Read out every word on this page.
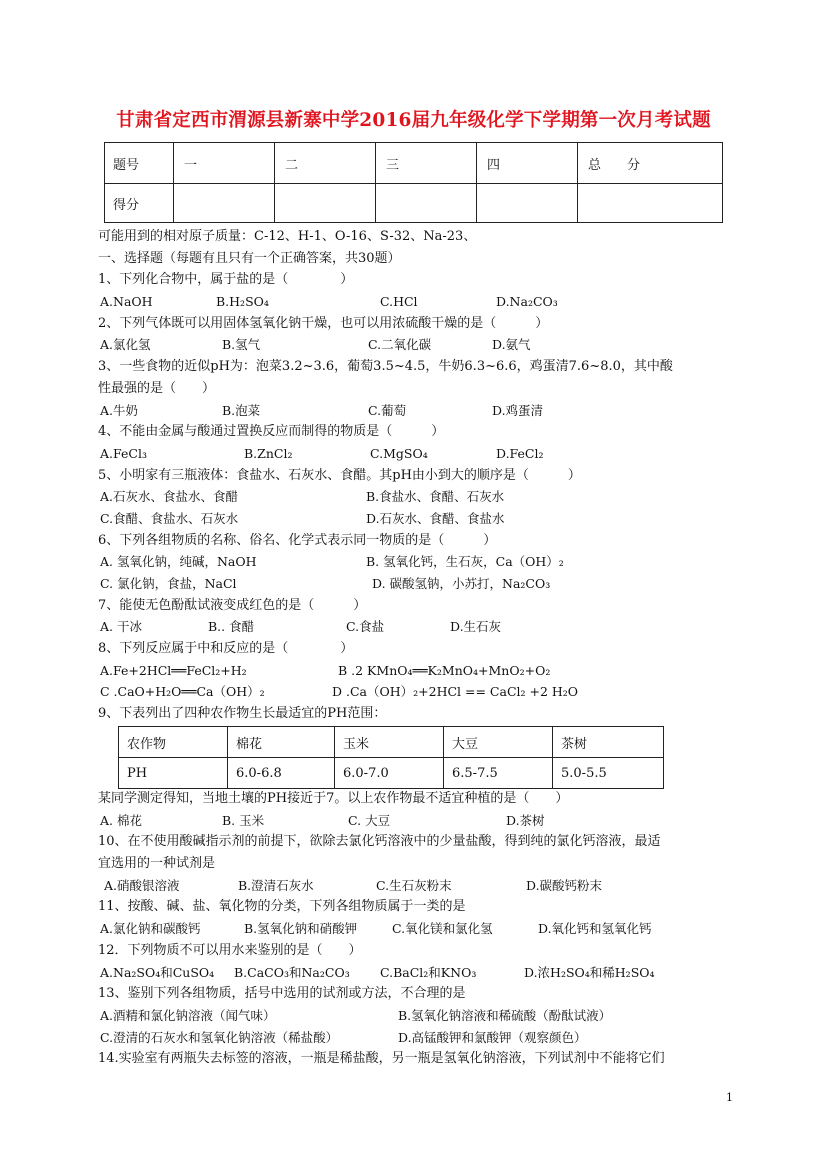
甘肃省定西市渭源县新寨中学2016届九年级化学下学期第一次月考试题
题号	一	二	三	四	总　　分
得分					
可能用到的相对原子质量：C-12、H-1、O-16、S-32、Na-23、
一、选择题（每题有且只有一个正确答案，共30题）
1、下列化合物中，属于盐的是（　　　　）
A.NaOH	B.H₂SO₄	C.HCl	D.Na₂CO₃
2、下列气体既可以用固体氢氧化钠干燥，也可以用浓硫酸干燥的是（　　　）
A.氯化氢	B.氢气	C.二氧化碳	D.氨气
3、一些食物的近似pH为：泡菜3.2~3.6，葡萄3.5~4.5，牛奶6.3~6.6，鸡蛋清7.6~8.0，其中酸
性最强的是（　　）
A.牛奶	B.泡菜	C.葡萄	D.鸡蛋清
4、不能由金属与酸通过置换反应而制得的物质是（　　　）
A.FeCl₃	B.ZnCl₂	C.MgSO₄	D.FeCl₂
5、小明家有三瓶液体：食盐水、石灰水、食醋。其pH由小到大的顺序是（　　　）
A.石灰水、食盐水、食醋	B.食盐水、食醋、石灰水
C.食醋、食盐水、石灰水	D.石灰水、食醋、食盐水
6、下列各组物质的名称、俗名、化学式表示同一物质的是（　　　）
A. 氢氧化钠，纯碱，NaOH	B. 氢氧化钙，生石灰，Ca（OH）₂
C. 氯化钠，食盐，NaCl	D. 碳酸氢钠，小苏打，Na₂CO₃
7、能使无色酚酞试液变成红色的是（　　　）
A. 干冰	B.. 食醋	C.食盐	D.生石灰
8、下列反应属于中和反应的是（　　　　）
A.Fe+2HCl══FeCl₂+H₂	B .2 KMnO₄══K₂MnO₄+MnO₂+O₂
C .CaO+H₂O══Ca（OH）₂	D .Ca（OH）₂+2HCl == CaCl₂ +2 H₂O
9、下表列出了四种农作物生长最适宜的PH范围：
农作物	棉花	玉米	大豆	茶树
PH	6.0-6.8	6.0-7.0	6.5-7.5	5.0-5.5
某同学测定得知，当地土壤的PH接近于7。以上农作物最不适宜种植的是（　　）
A. 棉花	B. 玉米	C. 大豆	D.茶树
10、在不使用酸碱指示剂的前提下，欲除去氯化钙溶液中的少量盐酸，得到纯的氯化钙溶液，最适
宜选用的一种试剂是
A.硝酸银溶液	B.澄清石灰水	C.生石灰粉末	D.碳酸钙粉末
11、按酸、碱、盐、氧化物的分类，下列各组物质属于一类的是
A.氯化钠和碳酸钙	B.氢氧化钠和硝酸钾	C.氧化镁和氯化氢	D.氧化钙和氢氧化钙
12．下列物质不可以用水来鉴别的是（　　）
A.Na₂SO₄和CuSO₄ B.CaCO₃和Na₂CO₃ C.BaCl₂和KNO₃	D.浓H₂SO₄和稀H₂SO₄
13、鉴别下列各组物质，括号中选用的试剂或方法，不合理的是
A.酒精和氯化钠溶液（闻气味）	B.氢氧化钠溶液和稀硫酸（酚酞试液）
C.澄清的石灰水和氢氧化钠溶液（稀盐酸）	D.高锰酸钾和氯酸钾（观察颜色）
14.实验室有两瓶失去标签的溶液，一瓶是稀盐酸，另一瓶是氢氧化钠溶液，下列试剂中不能将它们
1
